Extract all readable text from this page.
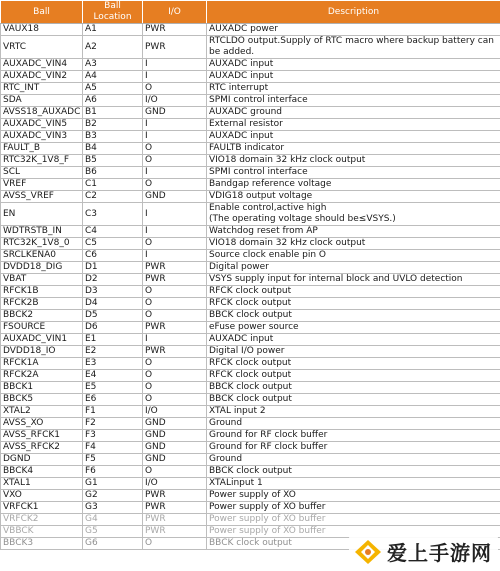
Ball	Ball Location	I/O	Description
VAUX18	A1	PWR	AUXADC power
VRTC	A2	PWR	RTCLDO output.Supply of RTC macro where backup battery can be added.
AUXADC_VIN4	A3	I	AUXADC input
AUXADC_VIN2	A4	I	AUXADC input
RTC_INT	A5	O	RTC interrupt
SDA	A6	I/O	SPMI control interface
AVSS18_AUXADC	B1	GND	AUXADC ground
AUXADC_VIN5	B2	I	External resistor
AUXADC_VIN3	B3	I	AUXADC input
FAULT_B	B4	O	FAULTB indicator
RTC32K_1V8_F	B5	O	VIO18 domain 32 kHz clock output
SCL	B6	I	SPMI control interface
VREF	C1	O	Bandgap reference voltage
AVSS_VREF	C2	GND	VDIG18 output voltage
EN	C3	I	Enable control,active high
(The operating voltage should be≤VSYS.)
WDTRSTB_IN	C4	I	Watchdog reset from AP
RTC32K_1V8_0	C5	O	VIO18 domain 32 kHz clock output
SRCLKENA0	C6	I	Source clock enable pin O
DVDD18_DIG	D1	PWR	Digital power
VBAT	D2	PWR	VSYS supply input for internal block and UVLO detection
RFCK1B	D3	O	RFCK clock output
RFCK2B	D4	O	RFCK clock output
BBCK2	D5	O	BBCK clock output
FSOURCE	D6	PWR	eFuse power source
AUXADC_VIN1	E1	I	AUXADC input
DVDD18_IO	E2	PWR	Digital I/O power
RFCK1A	E3	O	RFCK clock output
RFCK2A	E4	O	RFCK clock output
BBCK1	E5	O	BBCK clock output
BBCK5	E6	O	BBCK clock output
XTAL2	F1	I/O	XTAL input 2
AVSS_XO	F2	GND	Ground
AVSS_RFCK1	F3	GND	Ground for RF clock buffer
AVSS_RFCK2	F4	GND	Ground for RF clock buffer
DGND	F5	GND	Ground
BBCK4	F6	O	BBCK clock output
XTAL1	G1	I/O	XTALinput 1
VXO	G2	PWR	Power supply of XO
VRFCK1	G3	PWR	Power supply of XO buffer
VRFCK2	G4	PWR	Power supply of XO buffer
VBBCK	G5	PWR	Power supply of XO buffer
BBCK3	G6	O	BBCK clock output	爱上手游网
